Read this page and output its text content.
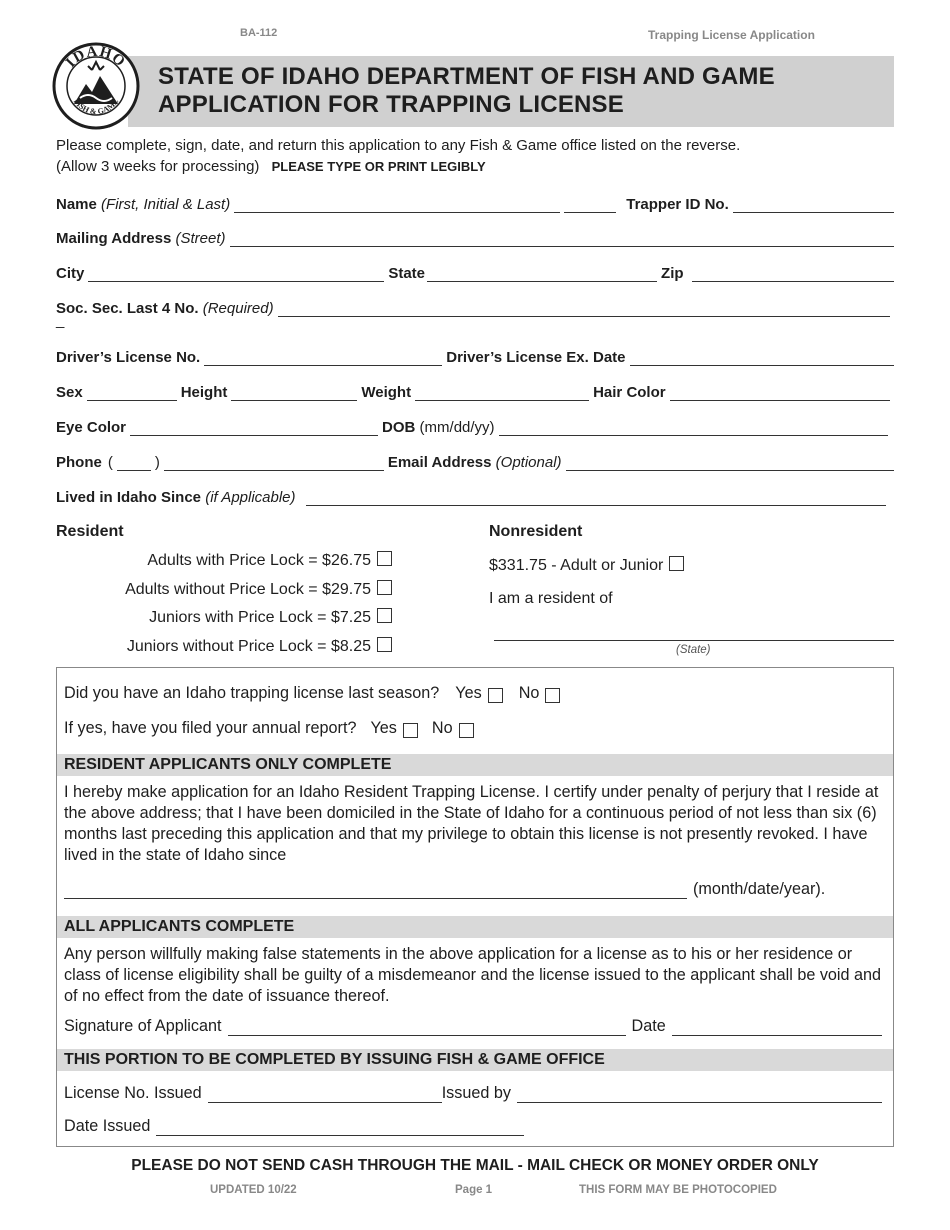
BA-112	Trapping License Application
STATE OF IDAHO DEPARTMENT OF FISH AND GAME
APPLICATION FOR TRAPPING LICENSE
IDAHO
FISH & GAME
Please complete, sign, date, and return this application to any Fish & Game office listed on the reverse.
(Allow 3 weeks for processing) PLEASE TYPE OR PRINT LEGIBLY
Name (First, Initial & Last)	Trapper ID No.
Mailing Address (Street)
City	State	Zip
Soc. Sec. Last 4 No. (Required)
_
Driver’s License No.	Driver’s License Ex. Date
Sex	Height	Weight	Hair Color
Eye Color	DOB (mm/dd/yy)
Phone (	)	Email Address (Optional)
Lived in Idaho Since (if Applicable)
Resident
Adults with Price Lock = $26.75
Adults without Price Lock = $29.75
Juniors with Price Lock = $7.25
Juniors without Price Lock = $8.25
Nonresident
$331.75 - Adult or Junior
I am a resident of
(State)
Did you have an Idaho trapping license last season? Yes No
If yes, have you filed your annual report? Yes No
RESIDENT APPLICANTS ONLY COMPLETE
I hereby make application for an Idaho Resident Trapping License. I certify under penalty of perjury that I reside at the above address; that I have been domiciled in the State of Idaho for a continuous period of not less than six (6) months last preceding this application and that my privilege to obtain this license is not presently revoked. I have lived in the state of Idaho since
(month/date/year).
ALL APPLICANTS COMPLETE
Any person willfully making false statements in the above application for a license as to his or her residence or class of license eligibility shall be guilty of a misdemeanor and the license issued to the applicant shall be void and of no effect from the date of issuance thereof.
Signature of Applicant	Date
THIS PORTION TO BE COMPLETED BY ISSUING FISH & GAME OFFICE
License No. Issued	Issued by
Date Issued
PLEASE DO NOT SEND CASH THROUGH THE MAIL - MAIL CHECK OR MONEY ORDER ONLY
UPDATED 10/22	Page 1	THIS FORM MAY BE PHOTOCOPIED
